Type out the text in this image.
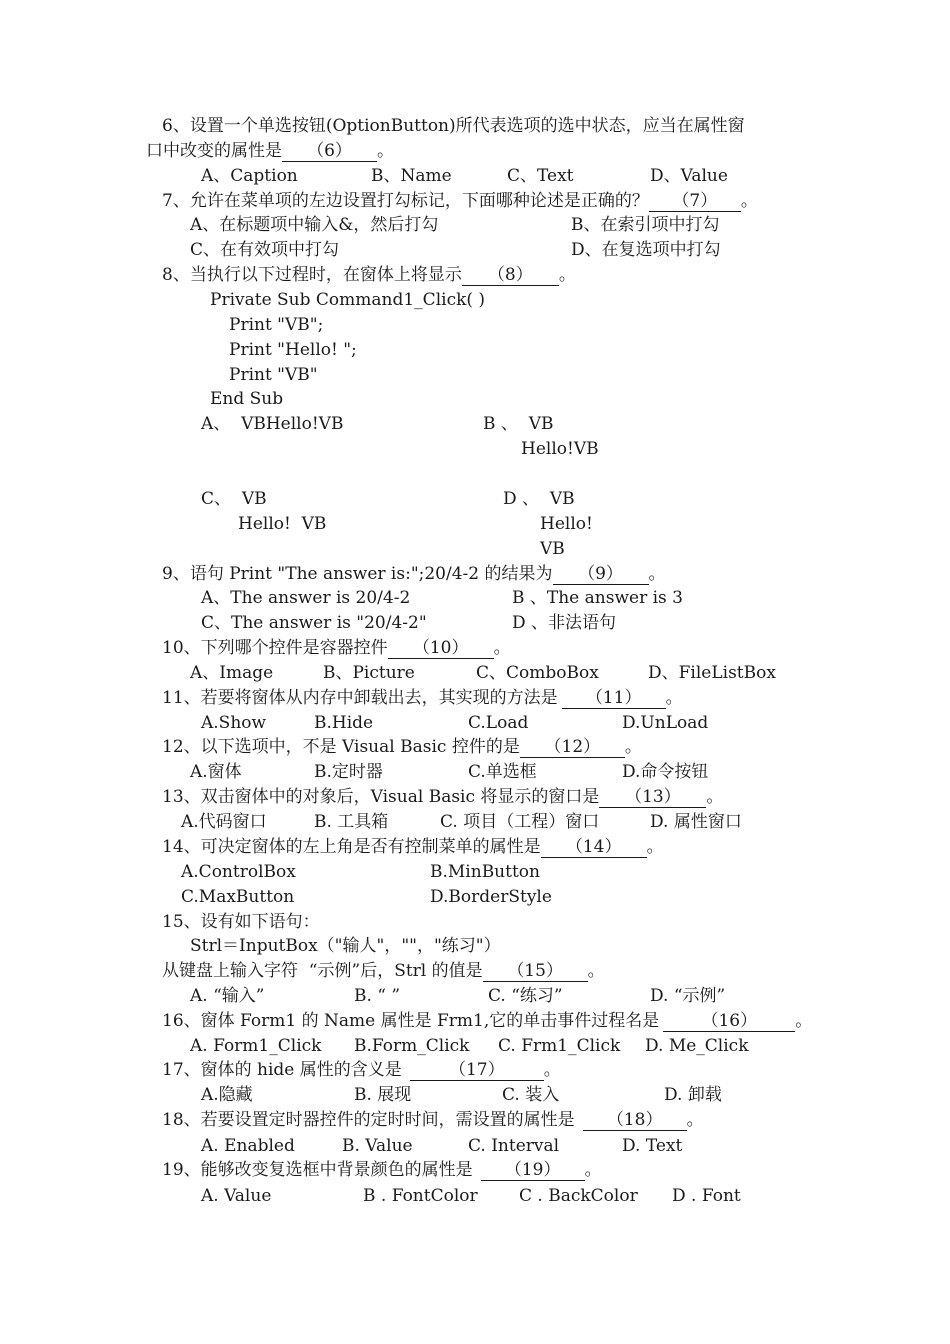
6、设置一个单选按钮(OptionButton)所代表选项的选中状态，应当在属性窗
口中改变的属性是 （6） 。
A、Caption	B、Name	C、Text	D、Value
7、允许在菜单项的左边设置打勾标记，下面哪种论述是正确的？ （7） 。
A、在标题项中输入&，然后打勾	B、在索引项中打勾
C、在有效项中打勾	D、在复选项中打勾
8、当执行以下过程时，在窗体上将显示 （8） 。
Private Sub Command1_Click( )
Print "VB";
Print "Hello! ";
Print "VB"
End Sub
A、  VBHello!VB	B 、  VB
Hello!VB
C、  VB
Hello!  VB
D 、  VB
Hello!
VB
9、语句 Print "The answer is:";20/4-2 的结果为 （9） 。
A、The answer is 20/4-2	B 、The answer is 3
C、The answer is "20/4-2"	D 、非法语句
10、下列哪个控件是容器控件 （10） 。
A、Image	B、Picture	C、ComboBox	D、FileListBox
11、若要将窗体从内存中卸载出去，其实现的方法是 （11） 。
A.Show	B.Hide	C.Load	D.UnLoad
12、以下选项中，不是 Visual Basic 控件的是 （12） 。
A.窗体	B.定时器	C.单选框	D.命令按钮
13、双击窗体中的对象后，Visual Basic 将显示的窗口是 （13） 。
A.代码窗口	B. 工具箱	C. 项目（工程）窗口	D. 属性窗口
14、可决定窗体的左上角是否有控制菜单的属性是 （14） 。
A.ControlBox	B.MinButton
C.MaxButton	D.BorderStyle
15、设有如下语句：
Strl＝InputBox（"输人"，""，"练习"）
从键盘上输入字符  “示例”后，Strl 的值是 （15） 。
A. “输入”	B. “ ”	C. “练习”	D. “示例”
16、窗体 Form1 的 Name 属性是 Frm1,它的单击事件过程名是 （16） 。
A. Form1_Click B.Form_Click C. Frm1_Click D. Me_Click
17、窗体的 hide 属性的含义是	（17） 。
A.隐藏	B. 展现	C. 装入	D. 卸载
18、若要设置定时器控件的定时时间，需设置的属性是 （18） 。
A. Enabled	B. Value	C. Interval	D. Text
19、能够改变复选框中背景颜色的属性是 （19） 。
A. Value	B . FontColor C . BackColor D . Font
